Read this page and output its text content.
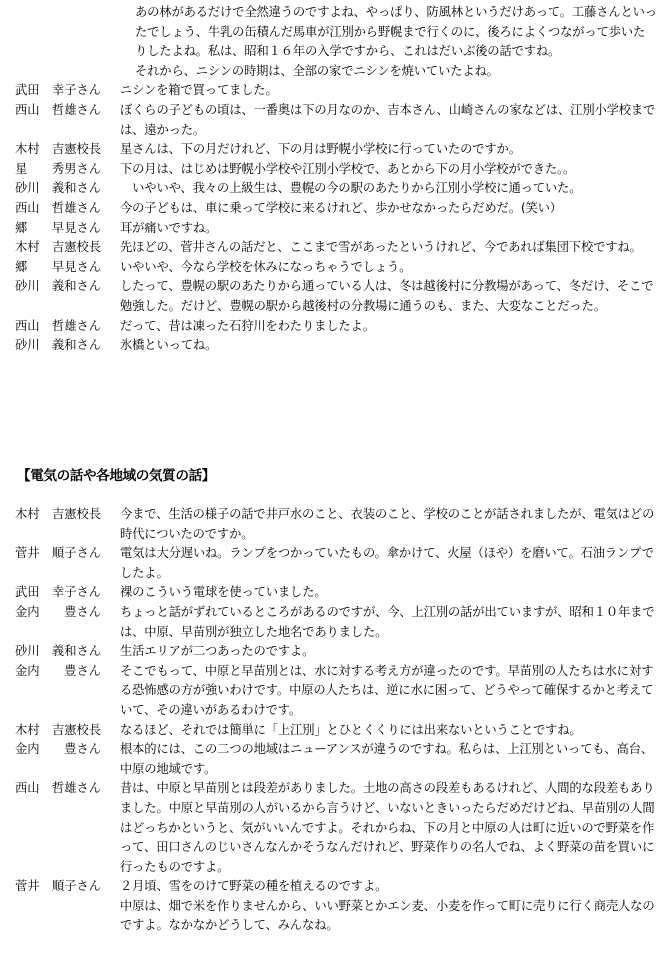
あの林があるだけで全然違うのですよね、やっぱり、防風林というだけあって。工藤さんといったでしょう、牛乳の缶積んだ馬車が江別から野幌まで行くのに、後ろによくつながって歩いたりしたよね。私は、昭和１６年の入学ですから、これはだいぶ後の話ですね。
それから、ニシンの時期は、全部の家でニシンを焼いていたよね。
武田　幸子さん	ニシンを箱で買ってました。
西山　哲雄さん	ぼくらの子どもの頃は、一番奥は下の月なのか、吉本さん、山崎さんの家などは、江別小学校までは、遠かった。
木村　吉憲校長	星さんは、下の月だけれど、下の月は野幌小学校に行っていたのですか。
星　　秀男さん	下の月は、はじめは野幌小学校や江別小学校で、あとから下の月小学校ができた。。
砂川　義和さん	　いやいや、我々の上級生は、豊幌の今の駅のあたりから江別小学校に通っていた。
西山　哲雄さん	今の子どもは、車に乗って学校に来るけれど、歩かせなかったらだめだ。(笑い）
郷　　早見さん	耳が痛いですね。
木村　吉憲校長	先ほどの、菅井さんの話だと、ここまで雪があったというけれど、今であれば集団下校ですね。
郷　　早見さん	いやいや、今なら学校を休みになっちゃうでしょう。
砂川　義和さん	したって、豊幌の駅のあたりから通っている人は、冬は越後村に分教場があって、冬だけ、そこで勉強した。だけど、豊幌の駅から越後村の分教場に通うのも、また、大変なことだった。
西山　哲雄さん	だって、昔は凍った石狩川をわたりましたよ。
砂川　義和さん	氷橋といってね。
【電気の話や各地域の気質の話】
木村　吉憲校長	今まで、生活の様子の話で井戸水のこと、衣装のこと、学校のことが話されましたが、電気はどの時代についたのですか。
菅井　順子さん	電気は大分遅いね。ランプをつかっていたもの。傘かけて、火屋（ほや）を磨いて。石油ランプでしたよ。
武田　幸子さん	裸のこういう電球を使っていました。
金内　　豊さん	ちょっと話がずれているところがあるのですが、今、上江別の話が出ていますが、昭和１０年までは、中原、早苗別が独立した地名でありました。
砂川　義和さん	生活エリアが二つあったのですよ。
金内　　豊さん	そこでもって、中原と早苗別とは、水に対する考え方が違ったのです。早苗別の人たちは水に対する恐怖感の方が強いわけです。中原の人たちは、逆に水に困って、どうやって確保するかと考えていて、その違いがあるわけです。
木村　吉憲校長	なるほど、それでは簡単に「上江別」とひとくくりには出来ないということですね。
金内　　豊さん	根本的には、この二つの地域はニューアンスが違うのですね。私らは、上江別といっても、高台、中原の地域です。
西山　哲雄さん	昔は、中原と早苗別とは段差がありました。土地の高さの段差もあるけれど、人間的な段差もありました。中原と早苗別の人がいるから言うけど、いないときいったらだめだけどね、早苗別の人間はどっちかというと、気がいいんですよ。それからね、下の月と中原の人は町に近いので野菜を作って、田口さんのじいさんなんかそうなんだけれど、野菜作りの名人でね、よく野菜の苗を買いに行ったものですよ。
菅井　順子さん	２月頃、雪をのけて野菜の種を植えるのですよ。
中原は、畑で米を作りませんから、いい野菜とかエン麦、小麦を作って町に売りに行く商売人なのですよ。なかなかどうして、みんなね。
